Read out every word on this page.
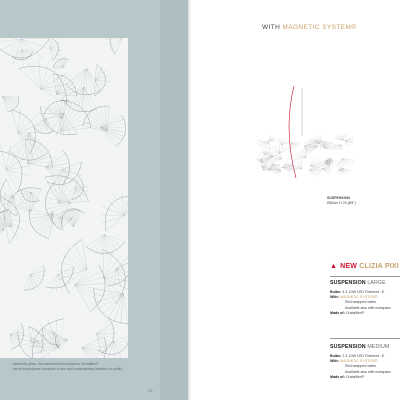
...metacrilic glass, the patented technopolymer Cristalflex®
...the technopolymer branches of arts and contemporary interiors for public...
23
WITH MAGNETIC SYSTEM®
SUSPENSION
Ø52cm H 20 (Ø4")
▲ NEW CLIZIA PIXI
SUSPENSION LARGE
Bulbs: 4 X 10W LED Filament - E
With: MAGNETIC SYSTEM®
Red wrapped cable
Available also with transpare
Made of: Cristalflex®
SUSPENSION MEDIUM
Bulbs: 2 X 10W LED Filament - E
With: MAGNETIC SYSTEM®
Red wrapped cable
Available also with transpare
Made of: Cristalflex®
